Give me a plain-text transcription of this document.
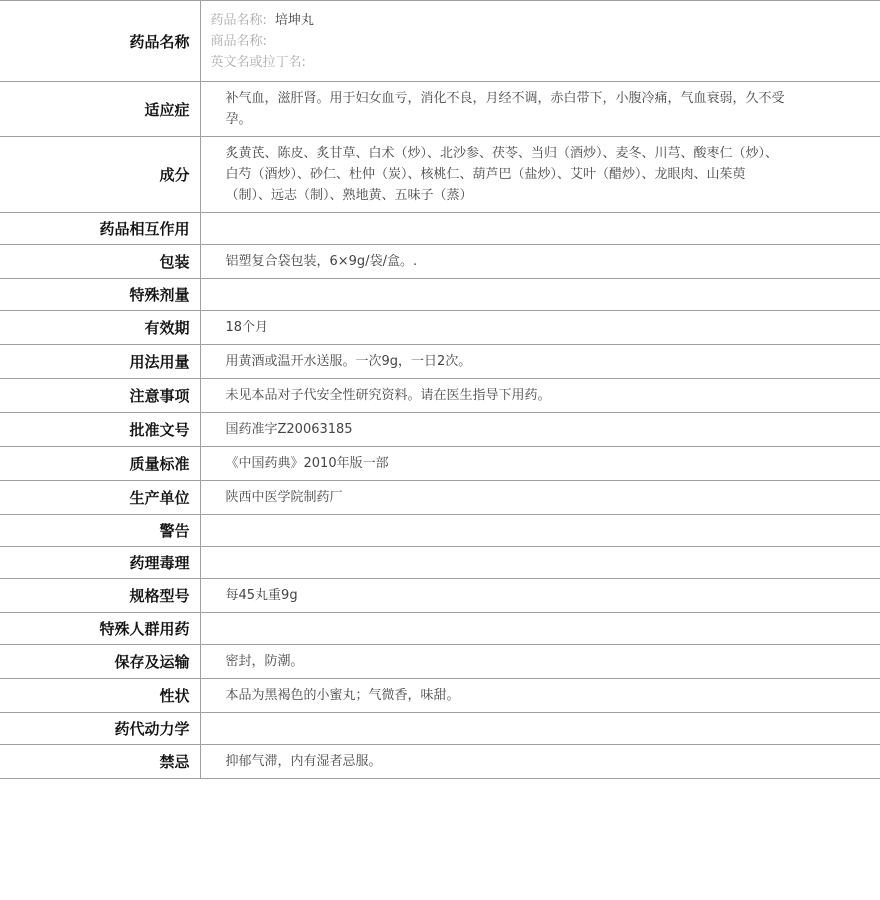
药品名称	药品名称: 培坤丸
商品名称:
英文名或拉丁名:

适应症	补气血，滋肝肾。用于妇女血亏，消化不良，月经不调，赤白带下，小腹冷痛，气血衰弱，久不受孕。
成分	炙黄芪、陈皮、炙甘草、白术（炒）、北沙参、茯苓、当归（酒炒）、麦冬、川芎、酸枣仁（炒）、白芍（酒炒）、砂仁、杜仲（炭）、核桃仁、葫芦巴（盐炒）、艾叶（醋炒）、龙眼肉、山茱萸（制）、远志（制）、熟地黄、五味子（蒸）
药品相互作用	
包装	铝塑复合袋包装，6×9g/袋/盒。.
特殊剂量	
有效期	18个月
用法用量	用黄酒或温开水送服。一次9g，一日2次。
注意事项	未见本品对子代安全性研究资料。请在医生指导下用药。
批准文号	国药准字Z20063185
质量标准	《中国药典》2010年版一部
生产单位	陕西中医学院制药厂
警告	
药理毒理	
规格型号	每45丸重9g
特殊人群用药	
保存及运输	密封，防潮。
性状	本品为黑褐色的小蜜丸；气微香，味甜。
药代动力学	
禁忌	抑郁气滞，内有湿者忌服。
